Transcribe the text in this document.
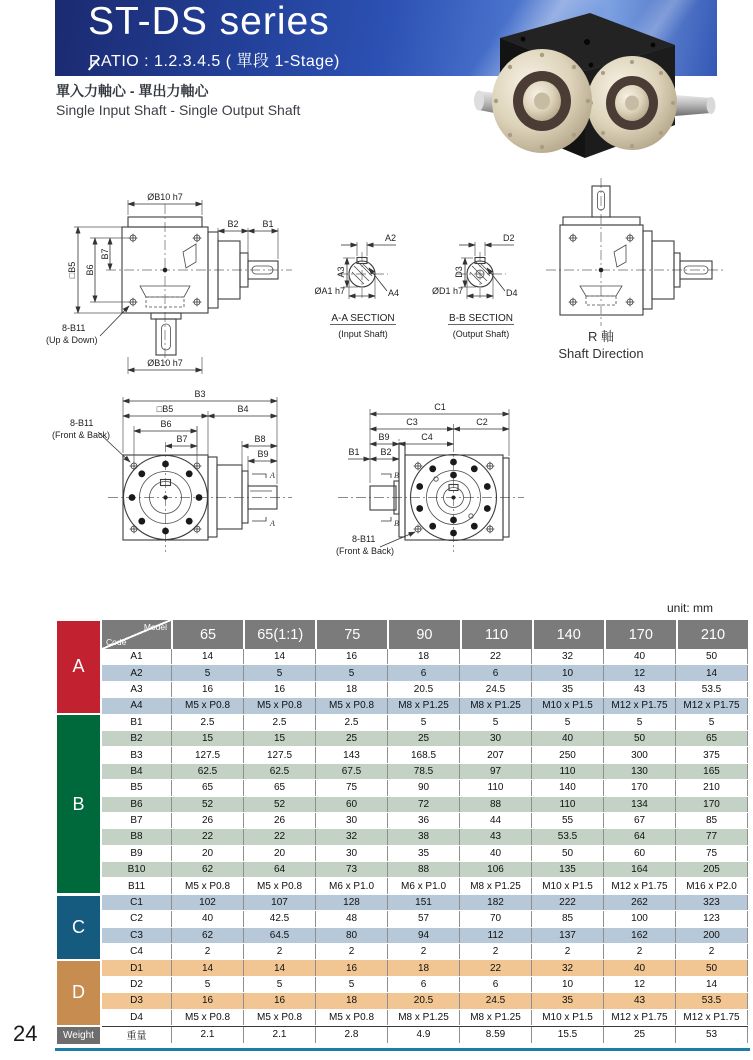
ST-DS series
RATIO : 1.2.3.4.5 ( 單段 1-Stage)
單入力軸心 - 單出力軸心
Single Input Shaft - Single Output Shaft
ØB10 h7
B2	B1
□B5 B6
B7
8-B11
(Up & Down)
ØB10 h7
A2
A3
ØA1 h7	A4
A-A SECTION
(Input Shaft)
D2
D3
ØD1 h7	D4
B-B SECTION
(Output Shaft)	R 軸
Shaft Direction
A
A
B3
□B5	B4
B6
B7	B8
B9
8-B11
(Front & Back)
B
B
C1
C3	C2
B9	C4
B1 B2
8-B11
(Front & Back)
unit: mm
A
B
C
D
Weight
Model
Code	65	65(1:1)	75	90	110	140	170	210
A1	14	14	16	18	22	32	40	50
A2	5	5	5	6	6	10	12	14
A3	16	16	18	20.5	24.5	35	43	53.5
A4	M5 x P0.8	M5 x P0.8	M5 x P0.8	M8 x P1.25	M8 x P1.25	M10 x P1.5	M12 x P1.75	M12 x P1.75
B1	2.5	2.5	2.5	5	5	5	5	5
B2	15	15	25	25	30	40	50	65
B3	127.5	127.5	143	168.5	207	250	300	375
B4	62.5	62.5	67.5	78.5	97	110	130	165
B5	65	65	75	90	110	140	170	210
B6	52	52	60	72	88	110	134	170
B7	26	26	30	36	44	55	67	85
B8	22	22	32	38	43	53.5	64	77
B9	20	20	30	35	40	50	60	75
B10	62	64	73	88	106	135	164	205
B11	M5 x P0.8	M5 x P0.8	M6 x P1.0	M6 x P1.0	M8 x P1.25	M10 x P1.5	M12 x P1.75	M16 x P2.0
C1	102	107	128	151	182	222	262	323
C2	40	42.5	48	57	70	85	100	123
C3	62	64.5	80	94	112	137	162	200
C4	2	2	2	2	2	2	2	2
D1	14	14	16	18	22	32	40	50
D2	5	5	5	6	6	10	12	14
D3	16	16	18	20.5	24.5	35	43	53.5
D4	M5 x P0.8	M5 x P0.8	M5 x P0.8	M8 x P1.25	M8 x P1.25	M10 x P1.5	M12 x P1.75	M12 x P1.75
重量	2.1	2.1	2.8	4.9	8.59	15.5	25	53
24
